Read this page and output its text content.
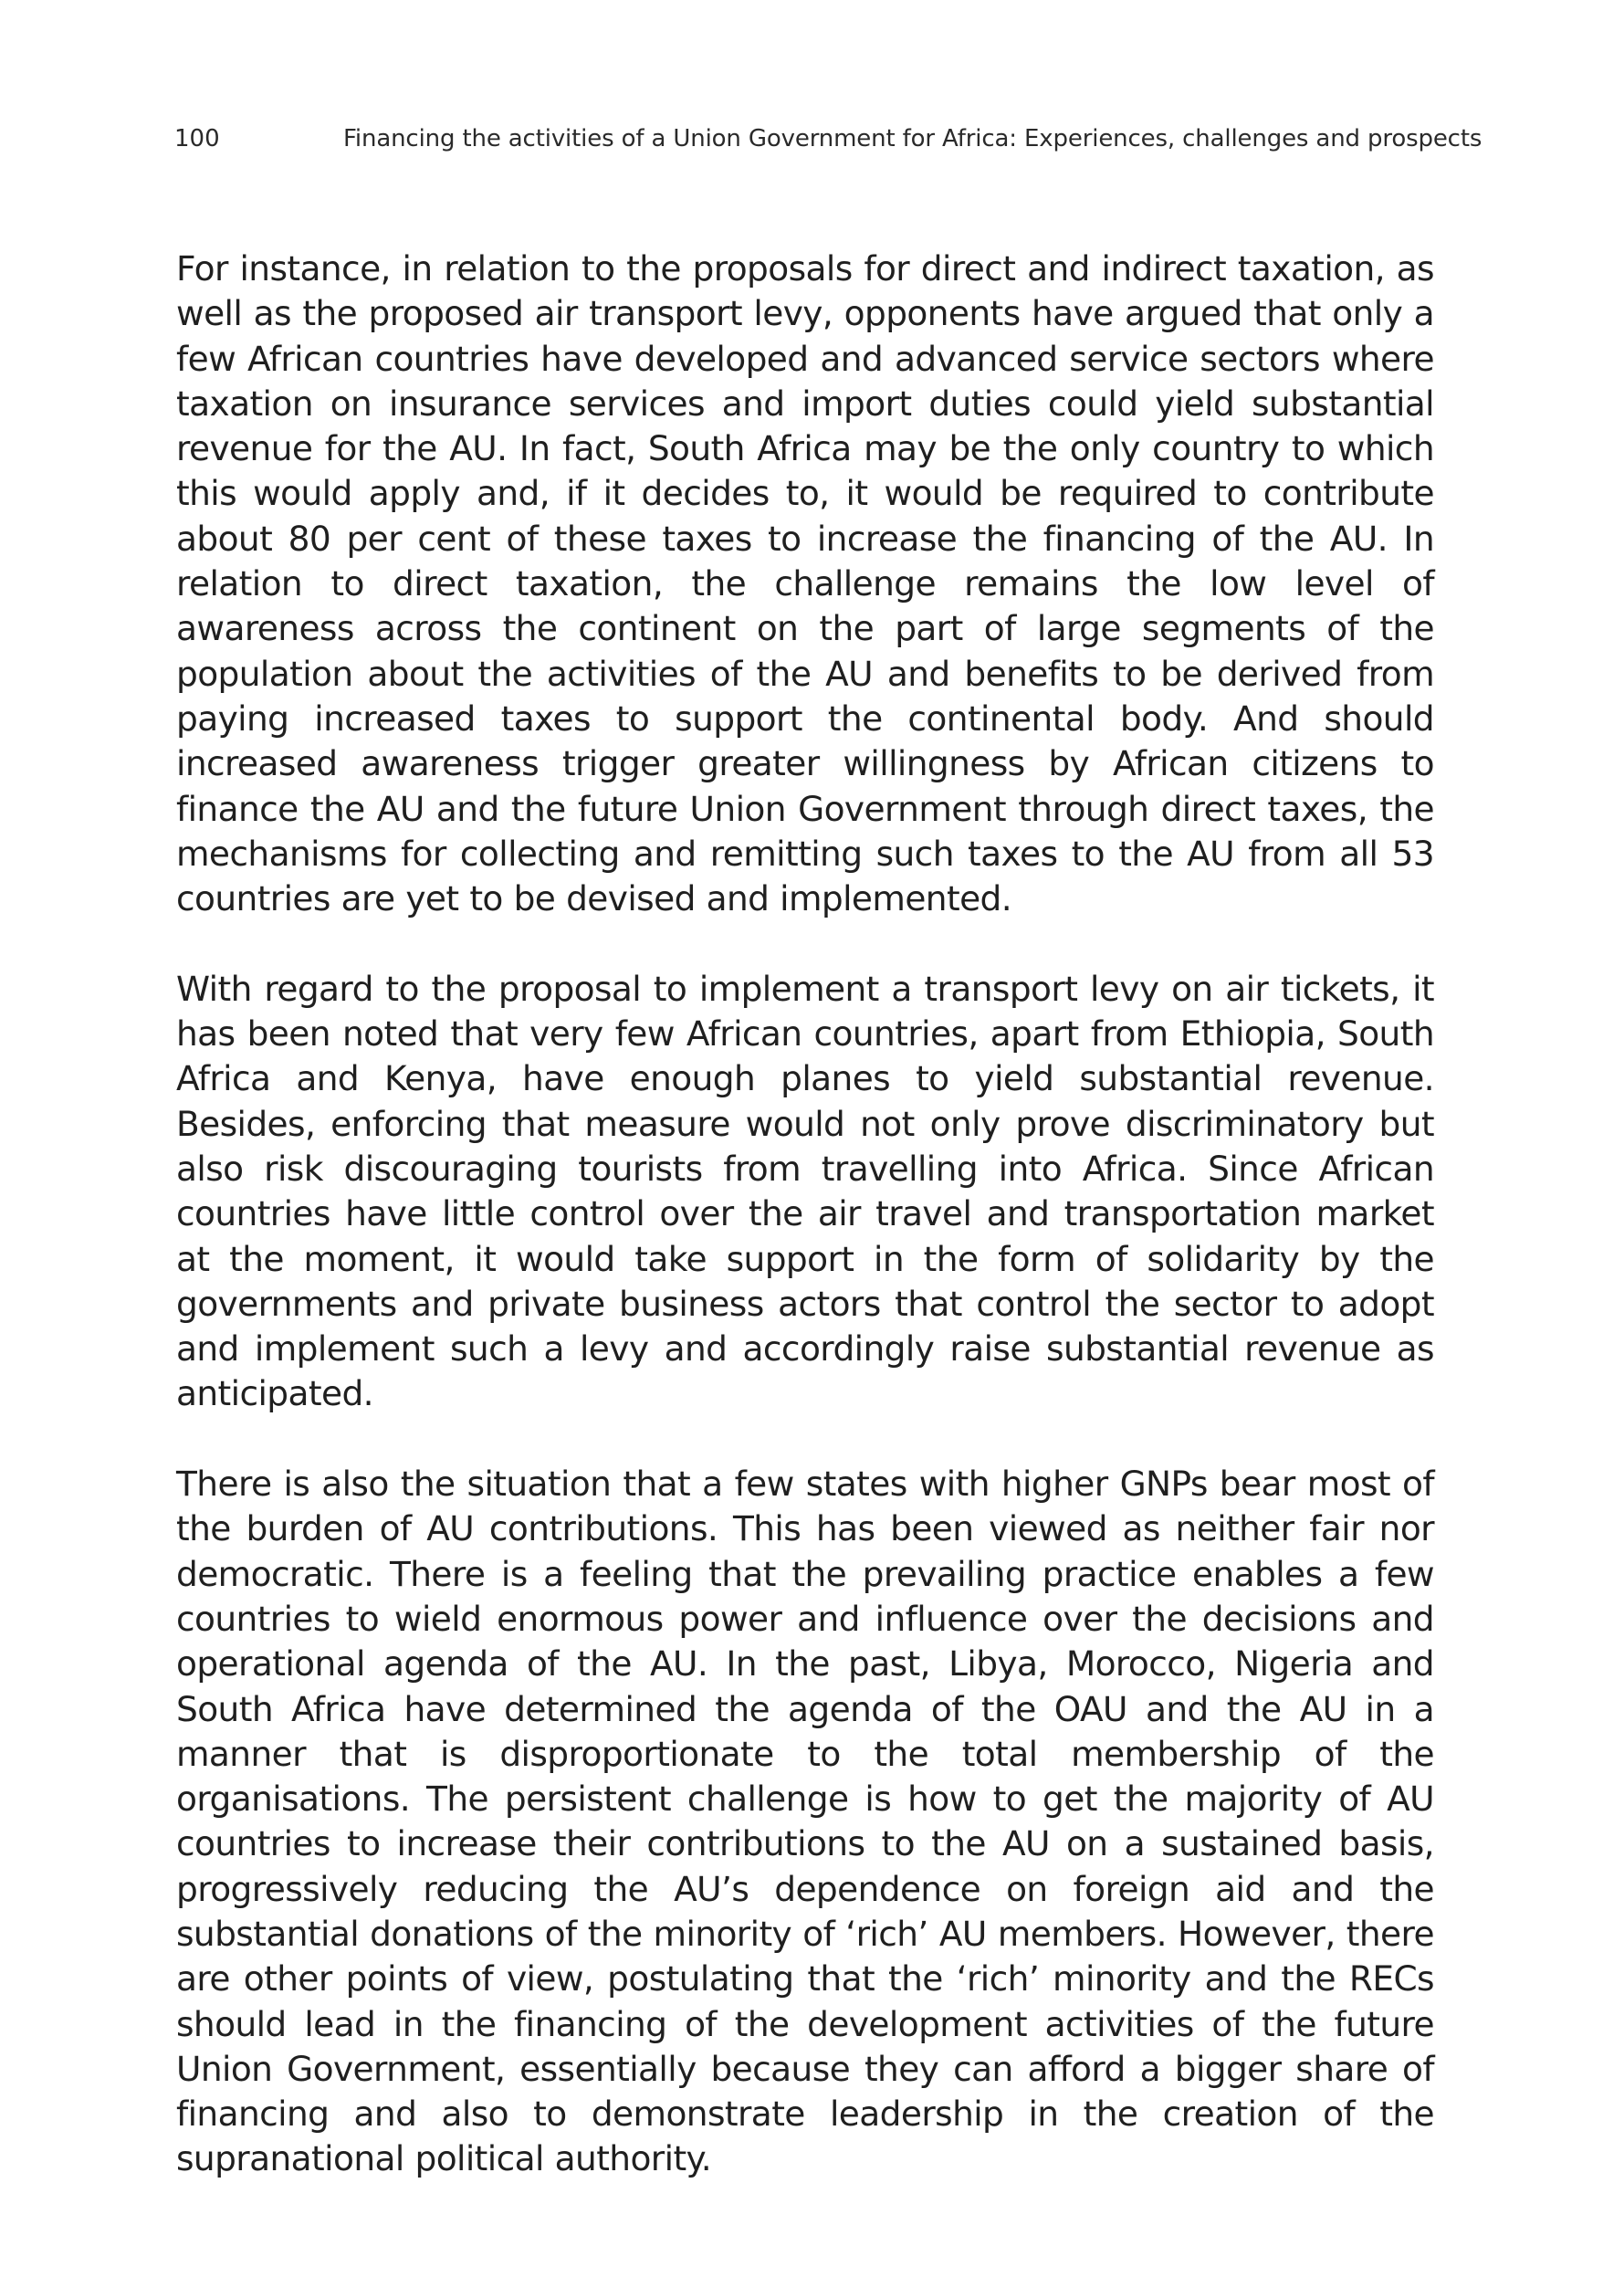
100	Financing the activities of a Union Government for Africa: Experiences, challenges and prospects

For instance, in relation to the proposals for direct and indirect taxation, as well as the proposed air transport levy, opponents have argued that only a few African countries have developed and advanced service sectors where taxation on insurance services and import duties could yield substantial revenue for the AU. In fact, South Africa may be the only country to which this would apply and, if it decides to, it would be required to contribute about 80 per cent of these taxes to increase the financing of the AU. In relation to direct taxation, the challenge remains the low level of awareness across the continent on the part of large segments of the population about the activities of the AU and benefits to be derived from paying increased taxes to support the continental body. And should increased awareness trigger greater willingness by African citizens to finance the AU and the future Union Government through direct taxes, the mechanisms for collecting and remitting such taxes to the AU from all 53 countries are yet to be devised and implemented.

With regard to the proposal to implement a transport levy on air tickets, it has been noted that very few African countries, apart from Ethiopia, South Africa and Kenya, have enough planes to yield substantial revenue. Besides, enforcing that measure would not only prove discriminatory but also risk discouraging tourists from travelling into Africa. Since African countries have little control over the air travel and transportation market at the moment, it would take support in the form of solidarity by the governments and private business actors that control the sector to adopt and implement such a levy and accordingly raise substantial revenue as anticipated.

There is also the situation that a few states with higher GNPs bear most of the burden of AU contributions. This has been viewed as neither fair nor democratic. There is a feeling that the prevailing practice enables a few countries to wield enormous power and influence over the decisions and operational agenda of the AU. In the past, Libya, Morocco, Nigeria and South Africa have determined the agenda of the OAU and the AU in a manner that is disproportionate to the total membership of the organisations. The persistent challenge is how to get the majority of AU countries to increase their contributions to the AU on a sustained basis, progressively reducing the AU’s dependence on foreign aid and the substantial donations of the minority of ‘rich’ AU members. However, there are other points of view, postulating that the ‘rich’ minority and the RECs should lead in the financing of the development activities of the future Union Government, essentially because they can afford a bigger share of financing and also to demonstrate leadership in the creation of the supranational political authority.
